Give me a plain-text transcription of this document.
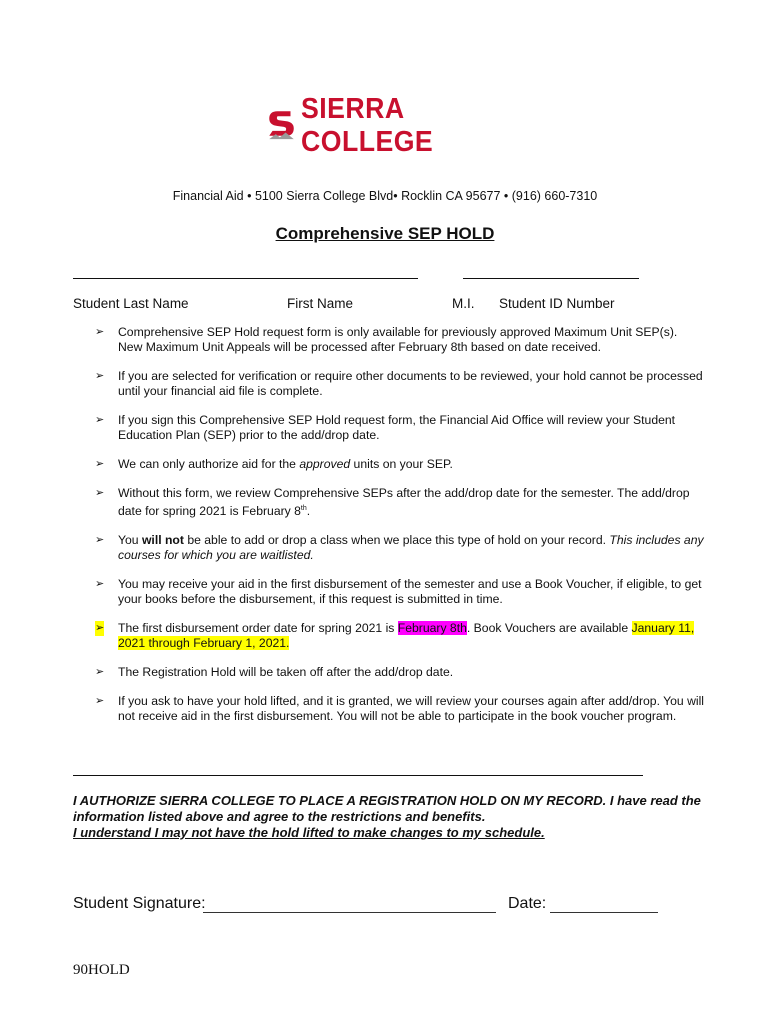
SIERRA COLLEGE
Financial Aid • 5100 Sierra College Blvd• Rocklin CA 95677 • (916) 660-7310
Comprehensive SEP HOLD
Student Last Name	First Name	M.I. Student ID Number
➢ Comprehensive SEP Hold request form is only available for previously approved Maximum Unit SEP(s). New Maximum Unit Appeals will be processed after February 8th based on date received.
➢ If you are selected for verification or require other documents to be reviewed, your hold cannot be processed until your financial aid file is complete.
➢ If you sign this Comprehensive SEP Hold request form, the Financial Aid Office will review your Student Education Plan (SEP) prior to the add/drop date.
➢ We can only authorize aid for the approved units on your SEP.
➢ Without this form, we review Comprehensive SEPs after the add/drop date for the semester. The add/drop date for spring 2021 is February 8th.
➢ You will not be able to add or drop a class when we place this type of hold on your record. This includes any courses for which you are waitlisted.
➢ You may receive your aid in the first disbursement of the semester and use a Book Voucher, if eligible, to get your books before the disbursement, if this request is submitted in time.
➢ The first disbursement order date for spring 2021 is February 8th. Book Vouchers are available January 11, 2021 through February 1, 2021.
➢ The Registration Hold will be taken off after the add/drop date.
➢ If you ask to have your hold lifted, and it is granted, we will review your courses again after add/drop. You will not receive aid in the first disbursement. You will not be able to participate in the book voucher program.
I AUTHORIZE SIERRA COLLEGE TO PLACE A REGISTRATION HOLD ON MY RECORD. I have read the information listed above and agree to the restrictions and benefits.
I understand I may not have the hold lifted to make changes to my schedule.
Student Signature:	Date:
90HOLD
